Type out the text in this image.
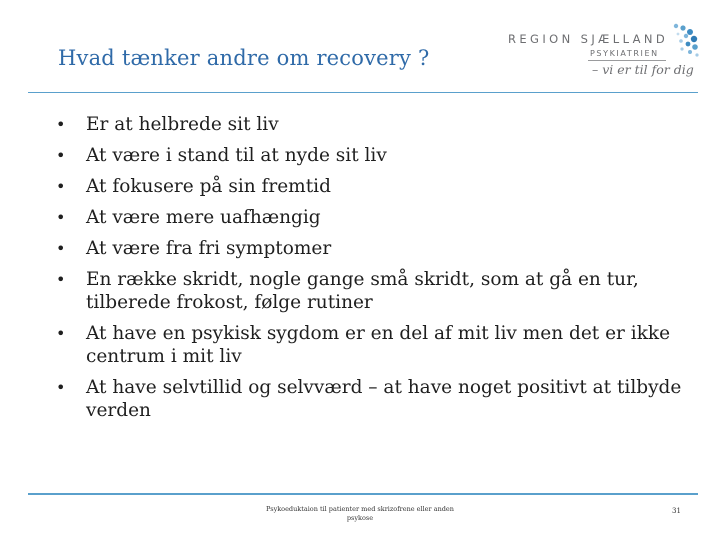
Hvad tænker andre om recovery ?
REGION SJÆLLAND
PSYKIATRIEN
– vi er til for dig
• Er at helbrede sit liv
• At være i stand til at nyde sit liv
• At fokusere på sin fremtid
• At være mere uafhængig
• At være fra fri symptomer
• En række skridt, nogle gange små skridt, som at gå en tur, tilberede frokost, følge rutiner
• At have en psykisk sygdom er en del af mit liv men det er ikke centrum i mit liv
• At have selvtillid og selvværd – at have noget positivt at tilbyde verden
Psykoeduktaion til patienter med skrizofrene eller anden psykose
31
